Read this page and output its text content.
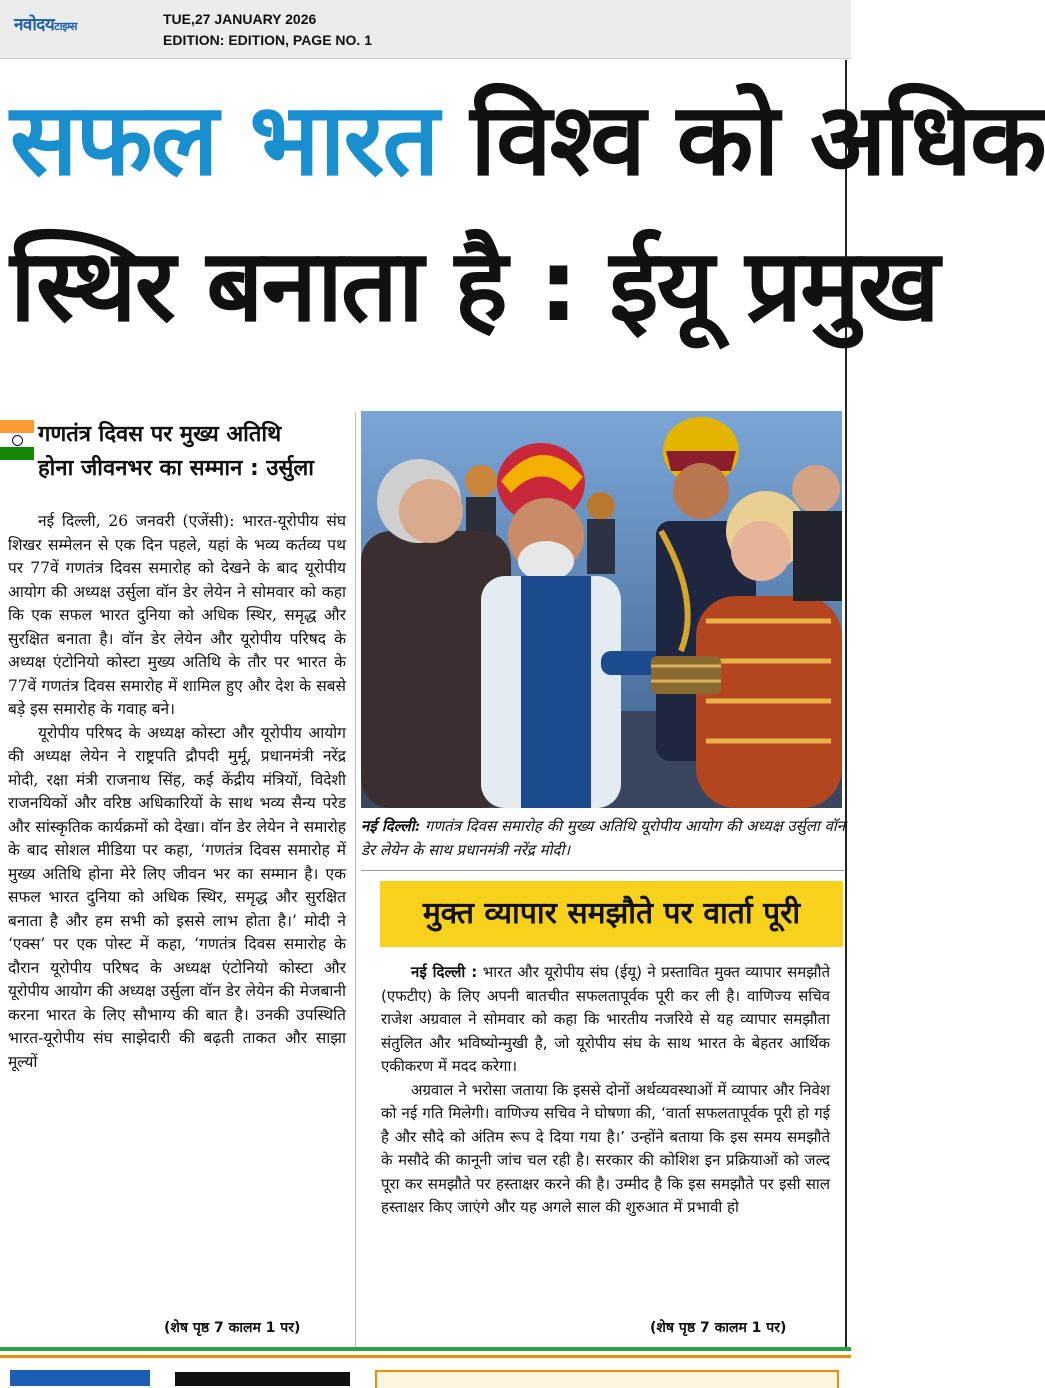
नवोदयटाइम्स	TUE,27 JANUARY 2026
EDITION: EDITION, PAGE NO. 1
सफल भारत विश्व को अधिक
स्थिर बनाता है : ईयू प्रमुख
गणतंत्र दिवस पर मुख्य अतिथि
होना जीवनभर का सम्मान : उर्सुला

नई दिल्ली, 26 जनवरी (एजेंसी): भारत-यूरोपीय संघ शिखर सम्मेलन से एक दिन पहले, यहां के भव्य कर्तव्य पथ पर 77वें गणतंत्र दिवस समारोह को देखने के बाद यूरोपीय आयोग की अध्यक्ष उर्सुला वॉन डेर लेयेन ने सोमवार को कहा कि एक सफल भारत दुनिया को अधिक स्थिर, समृद्ध और सुरक्षित बनाता है। वॉन डेर लेयेन और यूरोपीय परिषद के अध्यक्ष एंटोनियो कोस्टा मुख्य अतिथि के तौर पर भारत के 77वें गणतंत्र दिवस समारोह में शामिल हुए और देश के सबसे बड़े इस समारोह के गवाह बने।

यूरोपीय परिषद के अध्यक्ष कोस्टा और यूरोपीय आयोग की अध्यक्ष लेयेन ने राष्ट्रपति द्रौपदी मुर्मू, प्रधानमंत्री नरेंद्र मोदी, रक्षा मंत्री राजनाथ सिंह, कई केंद्रीय मंत्रियों, विदेशी राजनयिकों और वरिष्ठ अधिकारियों के साथ भव्य सैन्य परेड और सांस्कृतिक कार्यक्रमों को देखा। वॉन डेर लेयेन ने समारोह के बाद सोशल मीडिया पर कहा, ‘गणतंत्र दिवस समारोह में मुख्य अतिथि होना मेरे लिए जीवन भर का सम्मान है। एक सफल भारत दुनिया को अधिक स्थिर, समृद्ध और सुरक्षित बनाता है और हम सभी को इससे लाभ होता है।’ मोदी ने ‘एक्स’ पर एक पोस्ट में कहा, ‘गणतंत्र दिवस समारोह के दौरान यूरोपीय परिषद के अध्यक्ष एंटोनियो कोस्टा और यूरोपीय आयोग की अध्यक्ष उर्सुला वॉन डेर लेयेन की मेजबानी करना भारत के लिए सौभाग्य की बात है। उनकी उपस्थिति भारत-यूरोपीय संघ साझेदारी की बढ़ती ताकत और साझा मूल्यों

(शेष पृष्ठ 7 कालम 1 पर)
नई दिल्ली: गणतंत्र दिवस समारोह की मुख्य अतिथि यूरोपीय आयोग की अध्यक्ष उर्सुला वॉन डेर लेयेन के साथ प्रधानमंत्री नरेंद्र मोदी।
मुक्त व्यापार समझौते पर वार्ता पूरी

नई दिल्ली : भारत और यूरोपीय संघ (ईयू) ने प्रस्तावित मुक्त व्यापार समझौते (एफटीए) के लिए अपनी बातचीत सफलतापूर्वक पूरी कर ली है। वाणिज्य सचिव राजेश अग्रवाल ने सोमवार को कहा कि भारतीय नजरिये से यह व्यापार समझौता संतुलित और भविष्योन्मुखी है, जो यूरोपीय संघ के साथ भारत के बेहतर आर्थिक एकीकरण में मदद करेगा।

अग्रवाल ने भरोसा जताया कि इससे दोनों अर्थव्यवस्थाओं में व्यापार और निवेश को नई गति मिलेगी। वाणिज्य सचिव ने घोषणा की, ‘वार्ता सफलतापूर्वक पूरी हो गई है और सौदे को अंतिम रूप दे दिया गया है।’ उन्होंने बताया कि इस समय समझौते के मसौदे की कानूनी जांच चल रही है। सरकार की कोशिश इन प्रक्रियाओं को जल्द पूरा कर समझौते पर हस्ताक्षर करने की है। उम्मीद है कि इस समझौते पर इसी साल हस्ताक्षर किए जाएंगे और यह अगले साल की शुरुआत में प्रभावी हो

(शेष पृष्ठ 7 कालम 1 पर)
